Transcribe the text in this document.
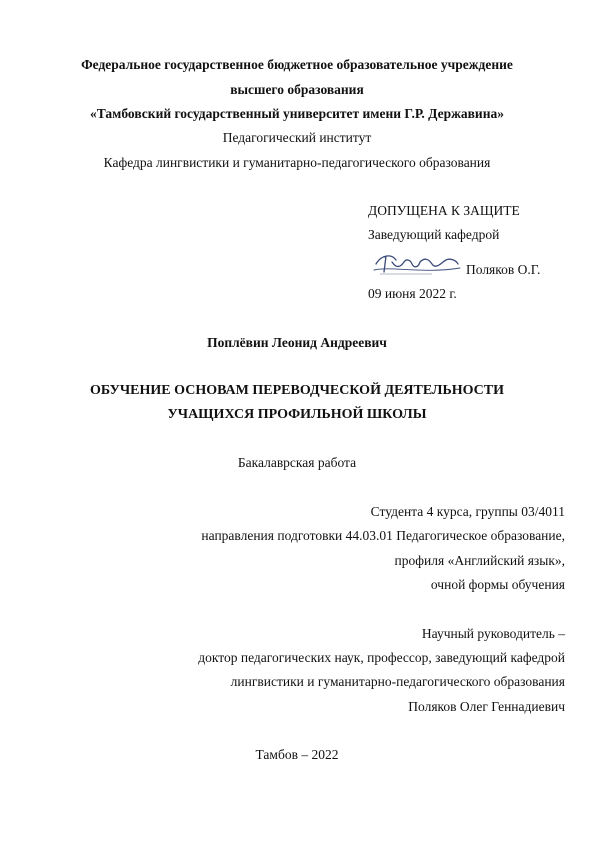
Федеральное государственное бюджетное образовательное учреждение
высшего образования
«Тамбовский государственный университет имени Г.Р. Державина»
Педагогический институт
Кафедра лингвистики и гуманитарно-педагогического образования
ДОПУЩЕНА К ЗАЩИТЕ
Заведующий кафедрой
Поляков О.Г.
09 июня 2022 г.
Поплёвин Леонид Андреевич
ОБУЧЕНИЕ ОСНОВАМ ПЕРЕВОДЧЕСКОЙ ДЕЯТЕЛЬНОСТИ
УЧАЩИХСЯ ПРОФИЛЬНОЙ ШКОЛЫ
Бакалаврская работа
Студента 4 курса, группы 03/4011
направления подготовки 44.03.01 Педагогическое образование,
профиля «Английский язык»,
очной формы обучения
Научный руководитель –
доктор педагогических наук, профессор, заведующий кафедрой
лингвистики и гуманитарно-педагогического образования
Поляков Олег Геннадиевич
Тамбов – 2022
